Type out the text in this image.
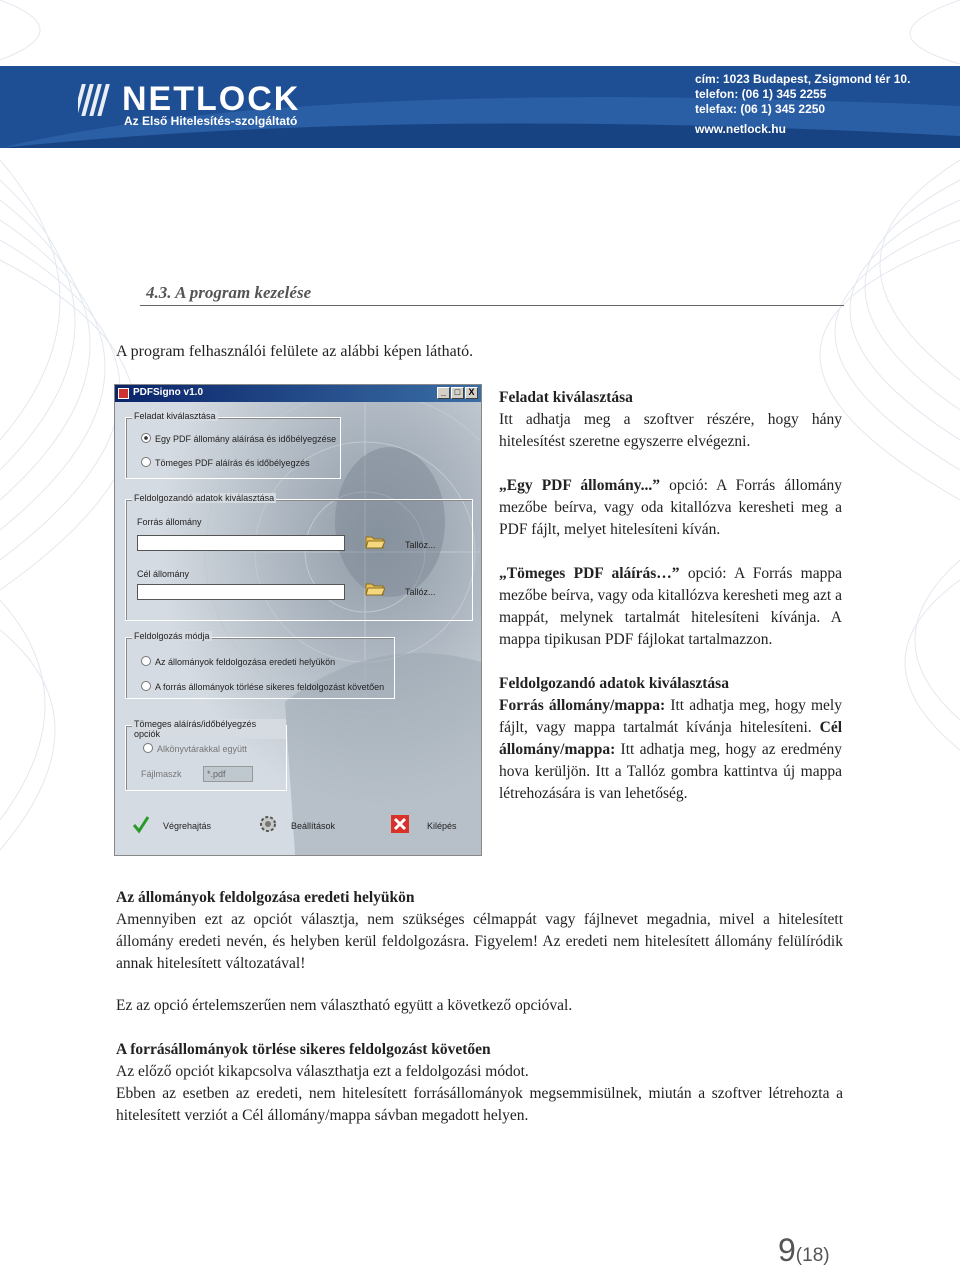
NETLOCK
Az Első Hitelesítés-szolgáltató
cím: 1023 Budapest, Zsigmond tér 10.
telefon: (06 1) 345 2255
telefax: (06 1) 345 2250
www.netlock.hu
4.3. A program kezelése
A program felhasználói felülete az alábbi képen látható.
PDFSigno v1.0	_ □ X
Feladat kiválasztása
Egy PDF állomány aláírása és időbélyegzése
Tömeges PDF aláírás és időbélyegzés
Feldolgozandó adatok kiválasztása
Forrás állomány
Tallóz...
Cél állomány
Tallóz...
Feldolgozás módja
Az állományok feldolgozása eredeti helyükön
A forrás állományok törlése sikeres feldolgozást követően
Tömeges aláírás/időbélyegzés opciók
Alkönyvtárakkal együtt
Fájlmaszk	*.pdf
Végrehajtás	Beállítások	Kilépés

Feladat kiválasztása

Itt adhatja meg a szoftver részére, hogy hány hitelesítést szeretne egyszerre elvégezni.

„Egy PDF állomány...” opció: A Forrás állomány mezőbe beírva, vagy oda kitallózva keresheti meg a PDF fájlt, melyet hitelesíteni kíván.

„Tömeges PDF aláírás…” opció: A Forrás mappa mezőbe beírva, vagy oda kitallózva keresheti meg azt a mappát, melynek tartalmát hitelesíteni kívánja. A mappa tipikusan PDF fájlokat tartalmazzon.

Feldolgozandó adatok kiválasztása

Forrás állomány/mappa: Itt adhatja meg, hogy mely fájlt, vagy mappa tartalmát kívánja hitelesíteni. Cél állomány/mappa: Itt adhatja meg, hogy az eredmény hova kerüljön. Itt a Tallóz gombra kattintva új mappa létrehozására is van lehetőség.

Az állományok feldolgozása eredeti helyükön

Amennyiben ezt az opciót választja, nem szükséges célmappát vagy fájlnevet megadnia, mivel a hitelesített állomány eredeti nevén, és helyben kerül feldolgozásra. Figyelem! Az eredeti nem hitelesített állomány felülíródik annak hitelesített változatával!

Ez az opció értelemszerűen nem választható együtt a következő opcióval.

A forrásállományok törlése sikeres feldolgozást követően

Az előző opciót kikapcsolva választhatja ezt a feldolgozási módot.

Ebben az esetben az eredeti, nem hitelesített forrásállományok megsemmisülnek, miután a szoftver létrehozta a hitelesített verziót a Cél állomány/mappa sávban megadott helyen.

9(18)
